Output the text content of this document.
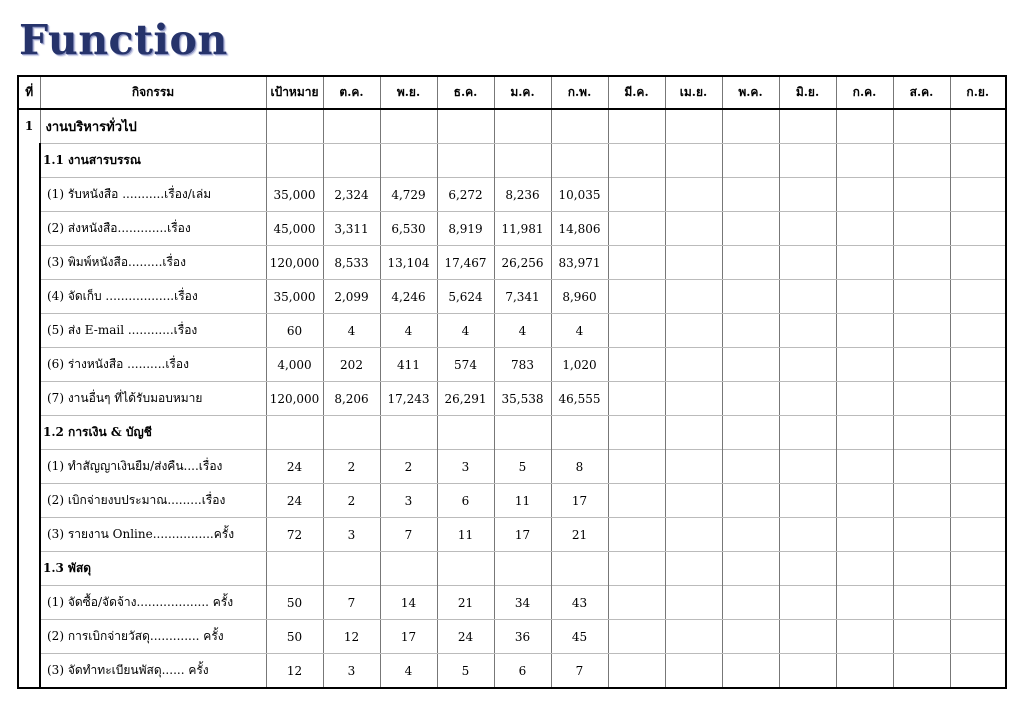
Function
ที่	กิจกรรม	เป้าหมาย	ต.ค.	พ.ย.	ธ.ค.	ม.ค.	ก.พ.	มี.ค.	เม.ย.	พ.ค.	มิ.ย.	ก.ค.	ส.ค.	ก.ย.
1	งานบริหารทั่วไป													
	1.1 งานสารบรรณ													
	(1) รับหนังสือ ...........เรื่อง/เล่ม	35,000	2,324	4,729	6,272	8,236	10,035							
	(2) ส่งหนังสือ.............เรื่อง	45,000	3,311	6,530	8,919	11,981	14,806							
	(3) พิมพ์หนังสือ.........เรื่อง	120,000	8,533	13,104	17,467	26,256	83,971							
	(4) จัดเก็บ ..................เรื่อง	35,000	2,099	4,246	5,624	7,341	8,960							
	(5) ส่ง E-mail ............เรื่อง	60	4	4	4	4	4							
	(6) ร่างหนังสือ ..........เรื่อง	4,000	202	411	574	783	1,020							
	(7) งานอื่นๆ ที่ได้รับมอบหมาย	120,000	8,206	17,243	26,291	35,538	46,555							
	1.2 การเงิน & บัญชี													
	(1) ทำสัญญาเงินยืม/ส่งคืน....เรื่อง	24	2	2	3	5	8							
	(2) เบิกจ่ายงบประมาณ.........เรื่อง	24	2	3	6	11	17							
	(3) รายงาน Online................ครั้ง	72	3	7	11	17	21							
	1.3 พัสดุ													
	(1) จัดซื้อ/จัดจ้าง................... ครั้ง	50	7	14	21	34	43							
	(2) การเบิกจ่ายวัสดุ............. ครั้ง	50	12	17	24	36	45							
	(3) จัดทำทะเบียนพัสดุ...... ครั้ง	12	3	4	5	6	7							
